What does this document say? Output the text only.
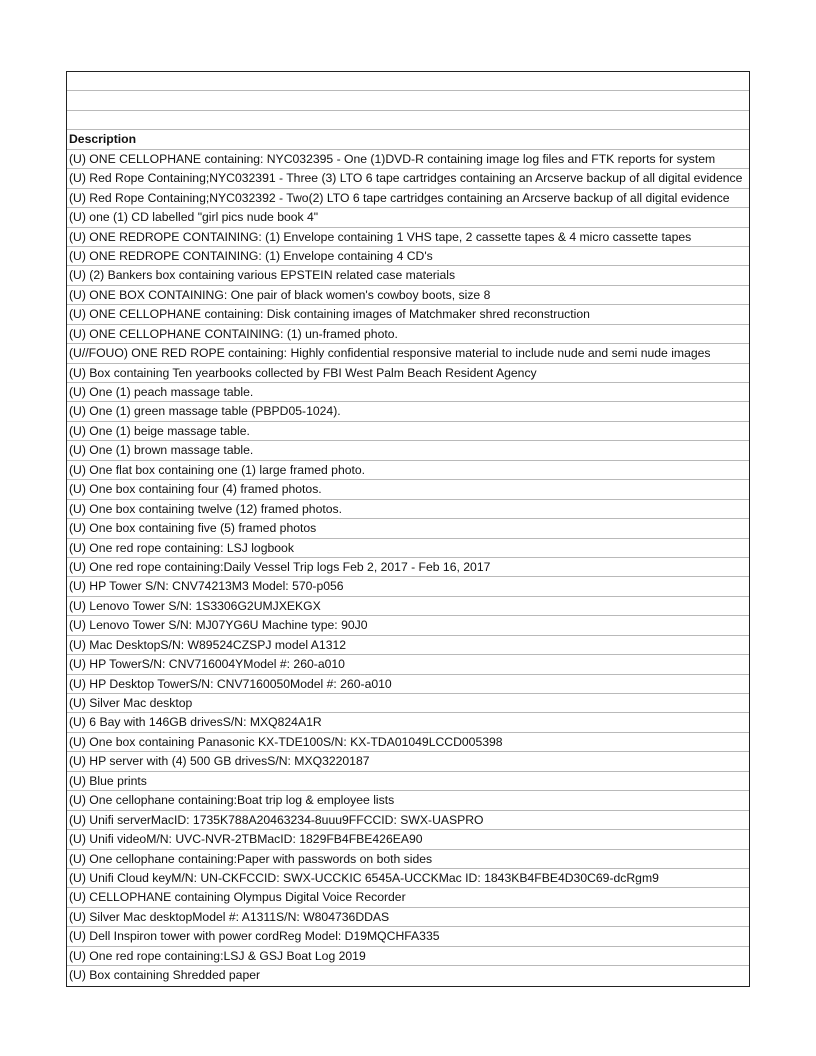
Description
(U) ONE CELLOPHANE containing: NYC032395 - One (1)DVD-R containing image log files and FTK reports for system
(U) Red Rope Containing;NYC032391 - Three (3) LTO 6 tape cartridges containing an Arcserve backup of all digital evidence
(U) Red Rope Containing;NYC032392 - Two(2) LTO 6 tape cartridges containing an Arcserve backup of all digital evidence
(U) one (1) CD labelled "girl pics nude book 4"
(U) ONE REDROPE CONTAINING: (1) Envelope containing 1 VHS tape, 2 cassette tapes & 4 micro cassette tapes
(U) ONE REDROPE CONTAINING: (1) Envelope containing 4 CD's
(U) (2) Bankers box containing various EPSTEIN related case materials
(U) ONE BOX CONTAINING: One pair of black women's cowboy boots, size 8
(U) ONE CELLOPHANE containing: Disk containing images of Matchmaker shred reconstruction
(U) ONE CELLOPHANE CONTAINING: (1) un-framed photo.
(U//FOUO) ONE RED ROPE containing: Highly confidential responsive material to include nude and semi nude images
(U) Box containing Ten yearbooks collected by FBI West Palm Beach Resident Agency
(U) One (1) peach massage table.
(U) One (1) green massage table (PBPD05-1024).
(U) One (1) beige massage table.
(U) One (1) brown massage table.
(U) One flat box containing one (1) large framed photo.
(U) One box containing four (4) framed photos.
(U) One box containing twelve (12) framed photos.
(U) One box containing five (5) framed photos
(U) One red rope containing: LSJ logbook
(U) One red rope containing:Daily Vessel Trip logs Feb 2, 2017 - Feb 16, 2017
(U) HP Tower S/N: CNV74213M3 Model: 570-p056
(U) Lenovo Tower S/N: 1S3306G2UMJXEKGX
(U) Lenovo Tower S/N: MJ07YG6U Machine type: 90J0
(U) Mac DesktopS/N: W89524CZSPJ model A1312
(U) HP TowerS/N: CNV716004YModel #: 260-a010
(U) HP Desktop TowerS/N: CNV7160050Model #: 260-a010
(U) Silver Mac desktop
(U) 6 Bay with 146GB drivesS/N: MXQ824A1R
(U) One box containing Panasonic KX-TDE100S/N: KX-TDA01049LCCD005398
(U) HP server with (4) 500 GB drivesS/N: MXQ3220187
(U) Blue prints
(U) One cellophane containing:Boat trip log & employee lists
(U) Unifi serverMacID: 1735K788A20463234-8uuu9FFCCID: SWX-UASPRO
(U) Unifi videoM/N: UVC-NVR-2TBMacID: 1829FB4FBE426EA90
(U) One cellophane containing:Paper with passwords on both sides
(U) Unifi Cloud keyM/N: UN-CKFCCID: SWX-UCCKIC 6545A-UCCKMac ID: 1843KB4FBE4D30C69-dcRgm9
(U) CELLOPHANE containing Olympus Digital Voice Recorder
(U) Silver Mac desktopModel #: A1311S/N: W804736DDAS
(U) Dell Inspiron tower with power cordReg Model: D19MQCHFA335
(U) One red rope containing:LSJ & GSJ Boat Log 2019
(U) Box containing Shredded paper
